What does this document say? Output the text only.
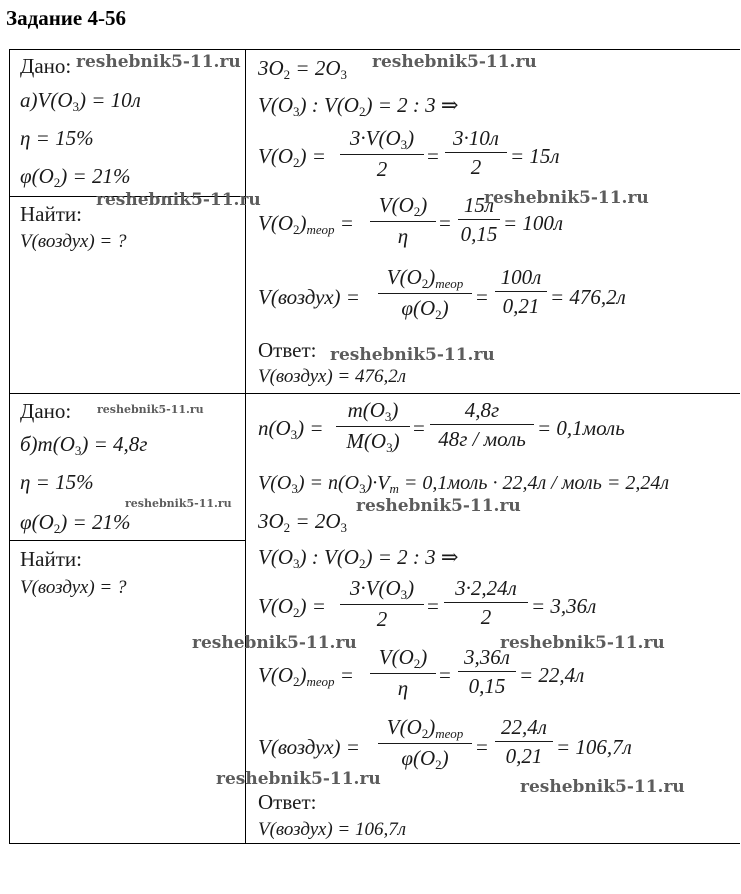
Задание 4-56
Дано:
$а)V(O_3) = 10л$
η = 15%
$\varphi(O_2) = 21\%$
Найти:
V(воздух) = ?
$3O_2 = 2O_3$
$V(O_3)$ : $V(O_2) = 2$ : 3 ⇒
$V(O_2)$ =
$3\cdot V(O_3)$
2
=
3·10л
2	= 15л
$V(O_2)_{теор}$ =
$V(O_2)$
η
=
15л
0,15 = 100л
V(воздух) =
$V(O_2)_{теор}$
$\varphi(O_2)$	=
100л
0,21 = 476,2л
Ответ:
V(воздух) = 476,2л
Дано:
$б)m(O_3) = 4,8г$
η = 15%
$\varphi(O_2) = 21\%$
Найти:
V(воздух) = ?
$n(O_3)$ =
$m(O_3)$
$M(O_3)$
=
4,8г
48г / моль = 0,1моль
$V(O_3) = n(O_3)\cdot V_m$ = 0,1моль · 22,4л / моль = 2,24л
$3O_2 = 2O_3$
$V(O_3)$ : $V(O_2) = 2$ : 3 ⇒
$V(O_2)$ =
$3\cdot V(O_3)$
2
=
3·2,24л
2	= 3,36л
$V(O_2)_{теор}$ =
$V(O_2)$
η
=
3,36л
0,15 = 22,4л
V(воздух) =
$V(O_2)_{теор}$
$\varphi(O_2)$	=
22,4л
0,21 = 106,7л
Ответ:
V(воздух) = 106,7л
reshebnik5-11.ru	reshebnik5-11.ru
reshebnik5-11.ru	reshebnik5-11.ru
reshebnik5-11.ru
reshebnik5-11.ru
reshebnik5-11.ru	reshebnik5-11.ru
reshebnik5-11.ru	reshebnik5-11.ru
reshebnik5-11.ru	reshebnik5-11.ru
